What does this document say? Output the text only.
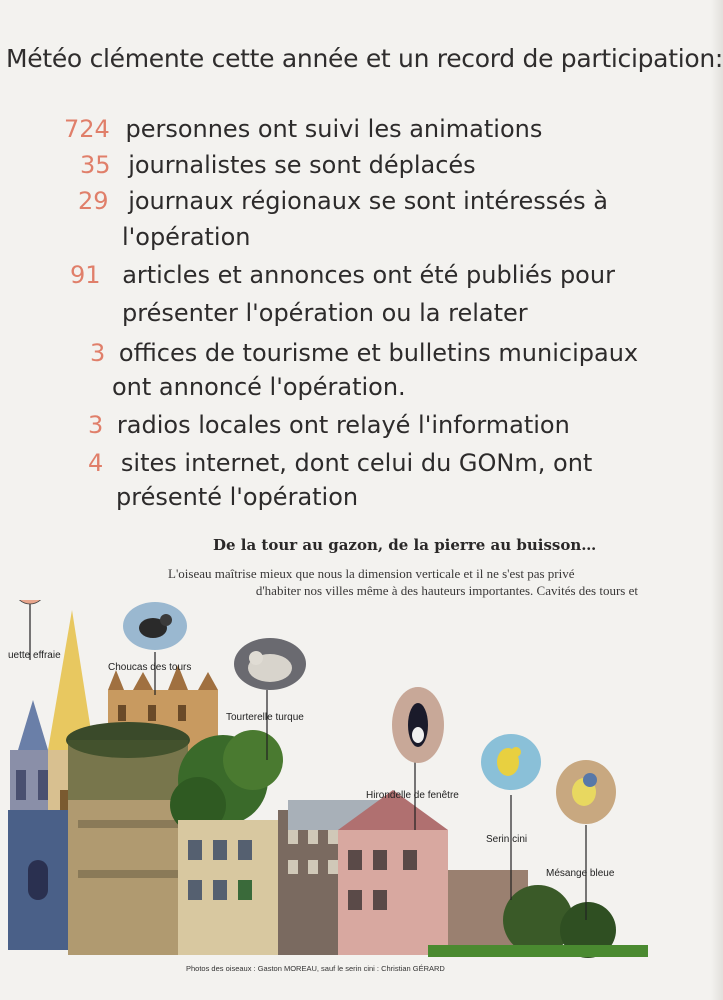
Météo clémente cette année et un record de participation:
724 personnes ont suivi les animations
35 journalistes se sont déplacés
29 journaux régionaux se sont intéressés à
l'opération
91 articles et annonces ont été publiés pour
présenter l'opération ou la relater
3 offices de tourisme et bulletins municipaux
ont annoncé l'opération.
3 radios locales ont relayé l'information
4 sites internet, dont celui du GONm, ont
présenté l'opération
De la tour au gazon, de la pierre au buisson…
L'oiseau maîtrise mieux que nous la dimension verticale et il ne s'est pas privé
d'habiter nos villes même à des hauteurs importantes. Cavités des tours et
uette effraie
Choucas des tours
Tourterelle turque
Hirondelle de fenêtre
Serin cini
Mésange bleue
Photos des oiseaux : Gaston MOREAU, sauf le serin cini : Christian GÉRARD
